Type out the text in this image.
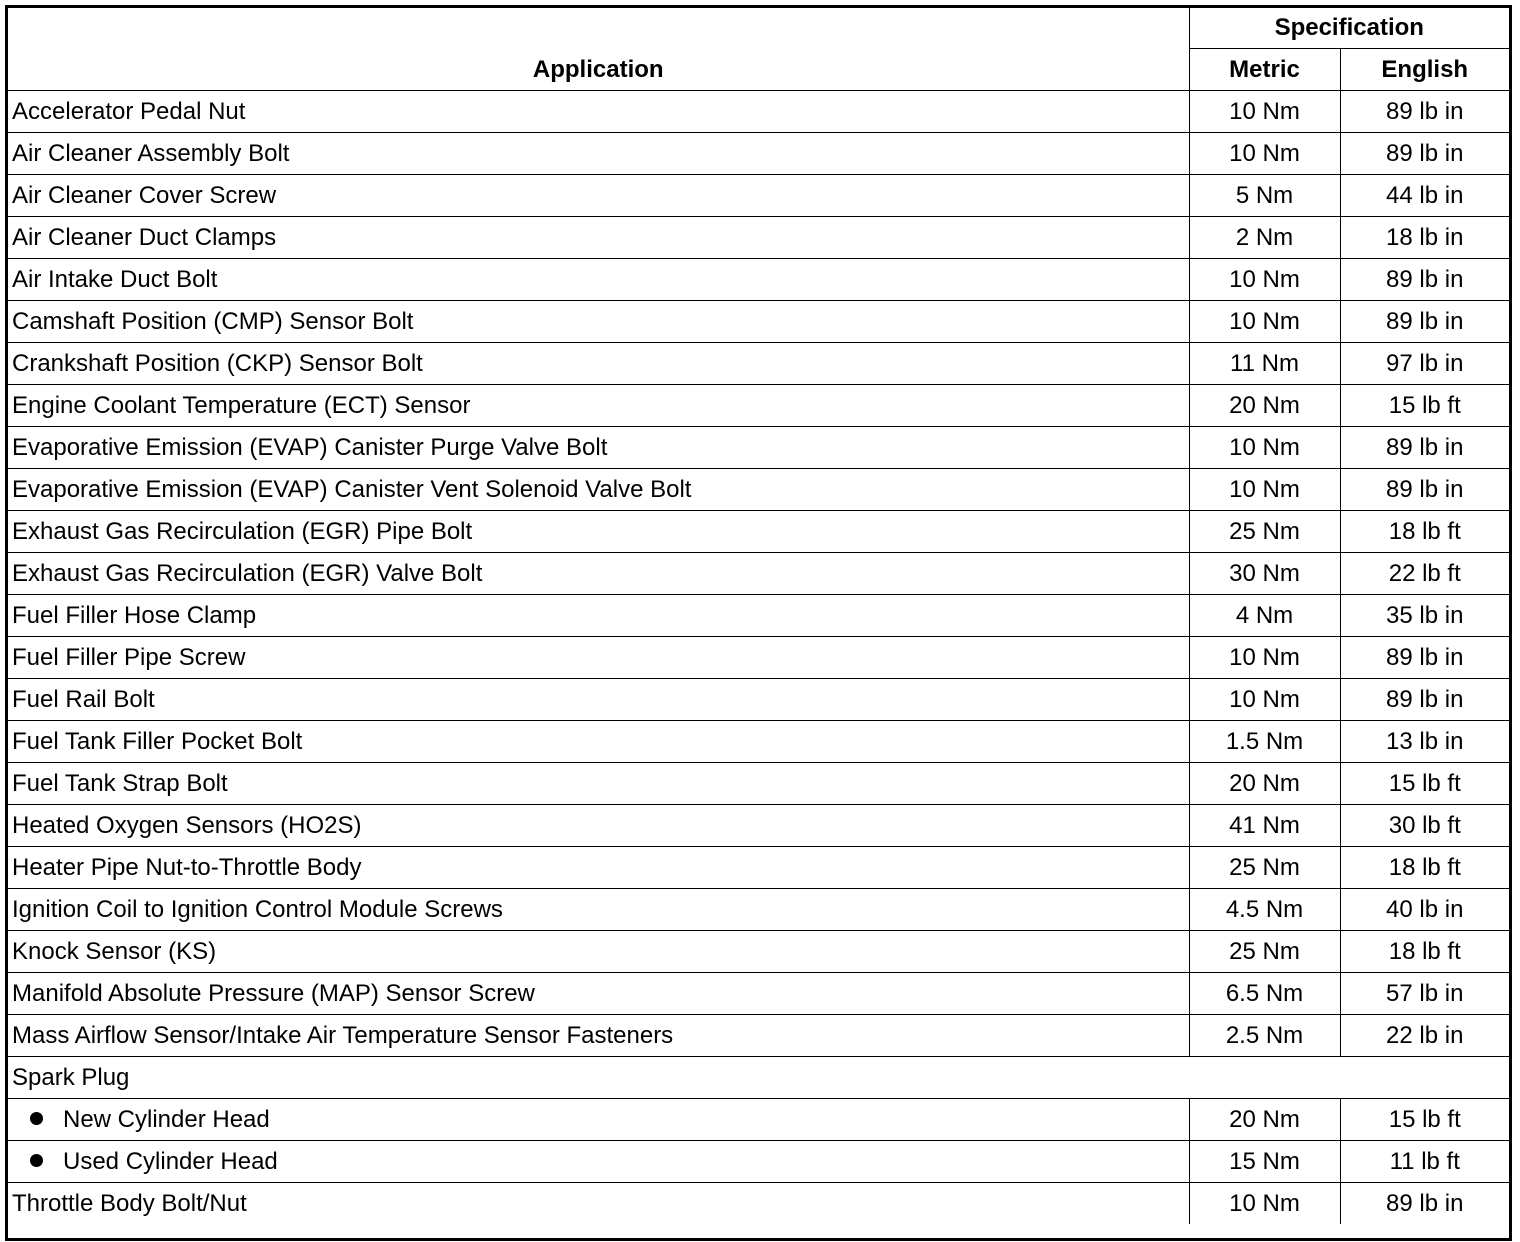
Application	Specification	
	Metric	English
Accelerator Pedal Nut	10 Nm	89 lb in
Air Cleaner Assembly Bolt	10 Nm	89 lb in
Air Cleaner Cover Screw	5 Nm	44 lb in
Air Cleaner Duct Clamps	2 Nm	18 lb in
Air Intake Duct Bolt	10 Nm	89 lb in
Camshaft Position (CMP) Sensor Bolt	10 Nm	89 lb in
Crankshaft Position (CKP) Sensor Bolt	11 Nm	97 lb in
Engine Coolant Temperature (ECT) Sensor	20 Nm	15 lb ft
Evaporative Emission (EVAP) Canister Purge Valve Bolt	10 Nm	89 lb in
Evaporative Emission (EVAP) Canister Vent Solenoid Valve Bolt	10 Nm	89 lb in
Exhaust Gas Recirculation (EGR) Pipe Bolt	25 Nm	18 lb ft
Exhaust Gas Recirculation (EGR) Valve Bolt	30 Nm	22 lb ft
Fuel Filler Hose Clamp	4 Nm	35 lb in
Fuel Filler Pipe Screw	10 Nm	89 lb in
Fuel Rail Bolt	10 Nm	89 lb in
Fuel Tank Filler Pocket Bolt	1.5 Nm	13 lb in
Fuel Tank Strap Bolt	20 Nm	15 lb ft
Heated Oxygen Sensors (HO2S)	41 Nm	30 lb ft
Heater Pipe Nut-to-Throttle Body	25 Nm	18 lb ft
Ignition Coil to Ignition Control Module Screws	4.5 Nm	40 lb in
Knock Sensor (KS)	25 Nm	18 lb ft
Manifold Absolute Pressure (MAP) Sensor Screw	6.5 Nm	57 lb in
Mass Airflow Sensor/Intake Air Temperature Sensor Fasteners	2.5 Nm	22 lb in
Spark Plug		
New Cylinder Head	20 Nm	15 lb ft
Used Cylinder Head	15 Nm	11 lb ft
Throttle Body Bolt/Nut	10 Nm	89 lb in
